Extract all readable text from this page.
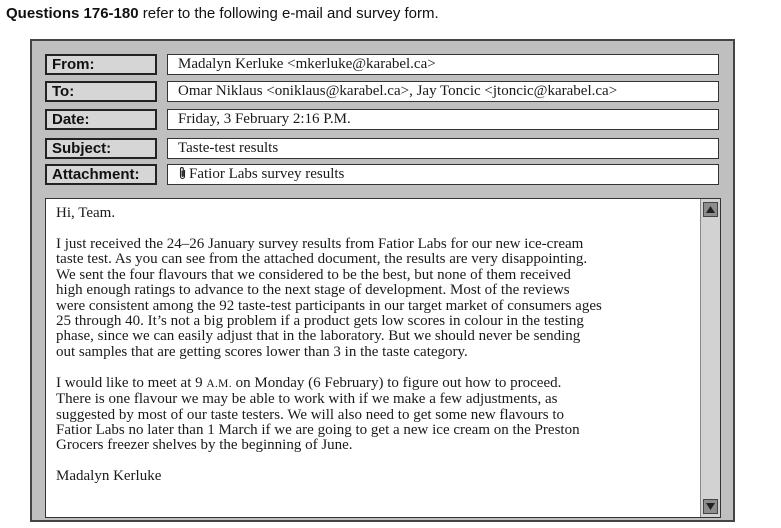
Questions 176-180 refer to the following e-mail and survey form.
From:	Madalyn Kerluke <mkerluke@karabel.ca>
To:	Omar Niklaus <oniklaus@karabel.ca>, Jay Toncic <jtoncic@karabel.ca>
Date:	Friday, 3 February 2:16 P.M.
Subject:	Taste-test results
Attachment:	Fatior Labs survey results

Hi, Team.

I just received the 24–26 January survey results from Fatior Labs for our new ice-cream
taste test. As you can see from the attached document, the results are very disappointing.
We sent the four flavours that we considered to be the best, but none of them received
high enough ratings to advance to the next stage of development. Most of the reviews
were consistent among the 92 taste-test participants in our target market of consumers ages
25 through 40. It’s not a big problem if a product gets low scores in colour in the testing
phase, since we can easily adjust that in the laboratory. But we should never be sending
out samples that are getting scores lower than 3 in the taste category.

I would like to meet at 9 A.M. on Monday (6 February) to figure out how to proceed.
There is one flavour we may be able to work with if we make a few adjustments, as
suggested by most of our taste testers. We will also need to get some new flavours to
Fatior Labs no later than 1 March if we are going to get a new ice cream on the Preston
Grocers freezer shelves by the beginning of June.

Madalyn Kerluke
